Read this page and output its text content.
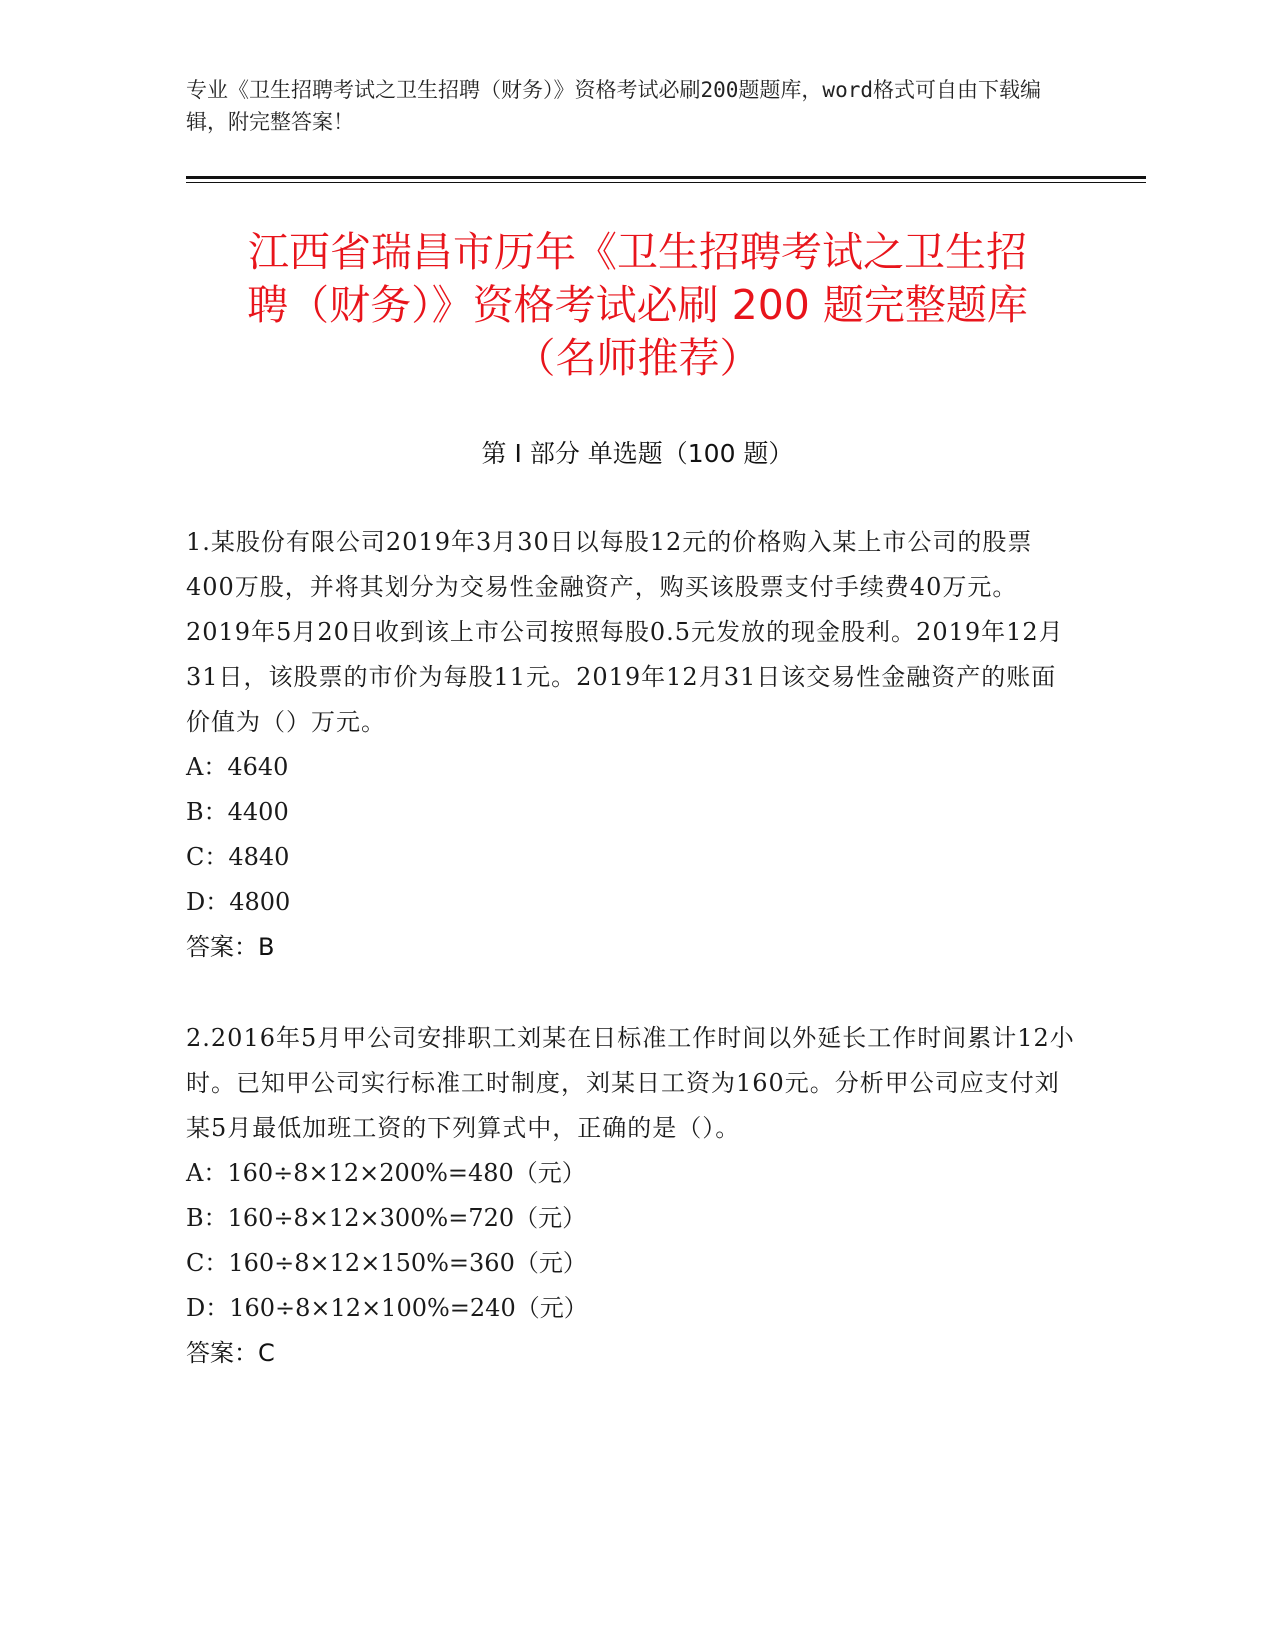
专业《卫生招聘考试之卫生招聘（财务）》资格考试必刷200题题库，word格式可自由下载编辑，附完整答案！
江西省瑞昌市历年《卫生招聘考试之卫生招
聘（财务）》资格考试必刷 200 题完整题库
（名师推荐）
第 I 部分 单选题（100 题）
1.某股份有限公司2019年3月30日以每股12元的价格购入某上市公司的股票400万股，并将其划分为交易性金融资产，购买该股票支付手续费40万元。2019年5月20日收到该上市公司按照每股0.5元发放的现金股利。2019年12月31日，该股票的市价为每股11元。2019年12月31日该交易性金融资产的账面价值为（）万元。
A：4640
B：4400
C：4840
D：4800
答案：B
2.2016年5月甲公司安排职工刘某在日标准工作时间以外延长工作时间累计12小时。已知甲公司实行标准工时制度，刘某日工资为160元。分析甲公司应支付刘某5月最低加班工资的下列算式中，正确的是（）。
A：160÷8×12×200%=480（元）
B：160÷8×12×300%=720（元）
C：160÷8×12×150%=360（元）
D：160÷8×12×100%=240（元）
答案：C
